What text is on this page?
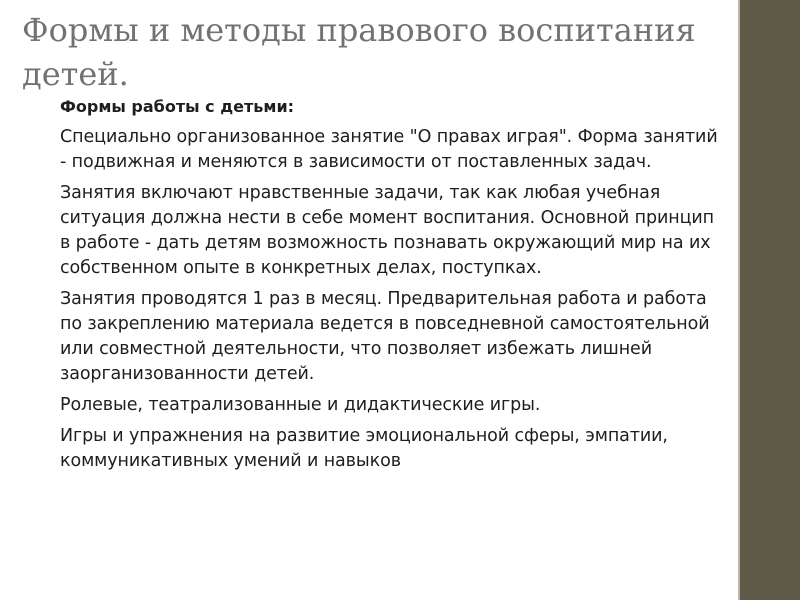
Формы и методы правового воспитания детей.
Формы работы с детьми:

Специально организованное занятие "О правах играя". Форма занятий - подвижная и меняются в зависимости от поставленных задач.

Занятия включают нравственные задачи, так как любая учебная ситуация должна нести в себе момент воспитания. Основной принцип в работе - дать детям возможность познавать окружающий мир на их собственном опыте в конкретных делах, поступках.

Занятия проводятся 1 раз в месяц. Предварительная работа и работа по закреплению материала ведется в повседневной самостоятельной или совместной деятельности, что позволяет избежать лишней заорганизованности детей.

Ролевые, театрализованные и дидактические игры.

Игры и упражнения на развитие эмоциональной сферы, эмпатии, коммуникативных умений и навыков
